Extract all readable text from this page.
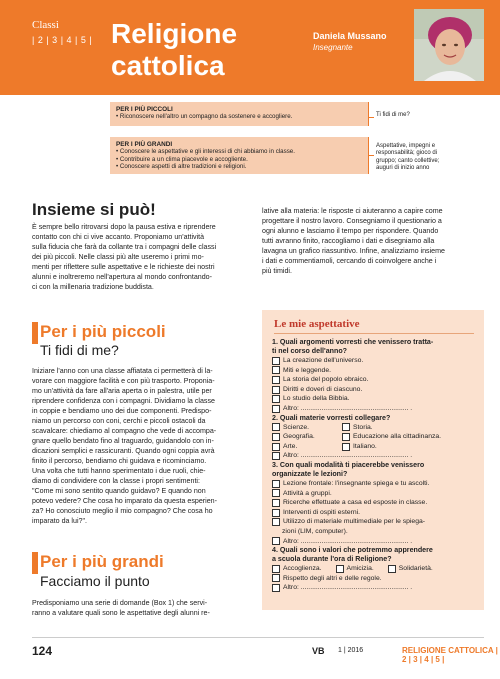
Classi
| 2 | 3 | 4 | 5 | Religione
cattolica
Daniela Mussano
Insegnante
PER I PIÙ PICCOLI
• Riconoscere nell'altro un compagno da sostenere e accogliere.
PER I PIÙ GRANDI
• Conoscere le aspettative e gli interessi di chi abbiamo in classe.
• Contribuire a un clima piacevole e accogliente.
• Conoscere aspetti di altre tradizioni e religioni.
Ti fidi di me?
Aspettative, impegni e
responsabilità; gioco di
gruppo; canto collettive;
auguri di inizio anno
Insieme si può!
È sempre bello ritrovarsi dopo la pausa estiva e riprendere
contatto con chi ci vive accanto. Proponiamo un'attività
sulla fiducia che farà da collante tra i compagni delle classi
dei più piccoli. Nelle classi più alte useremo i primi mo-
menti per riflettere sulle aspettative e le richieste dei nostri
alunni e inoltreremo nell'apertura al mondo confrontando-
ci con la millenaria tradizione buddista.
lative alla materia: le risposte ci aiuteranno a capire come
progettare il nostro lavoro. Consegniamo il questionario a
ogni alunno e lasciamo il tempo per rispondere. Quando
tutti avranno finito, raccogliamo i dati e disegniamo alla
lavagna un grafico riassuntivo. Infine, analizziamo insieme
i dati e commentiamoli, cercando di coinvolgere anche i
più timidi.
Per i più piccoli
Ti fidi di me?
Iniziare l'anno con una classe affiatata ci permetterà di la-
vorare con maggiore facilità e con più trasporto. Proponia-
mo un'attività da fare all'aria aperta o in palestra, utile per
riprendere confidenza con i compagni. Dividiamo la classe
in coppie e bendiamo uno dei due componenti. Predispo-
niamo un percorso con coni, cerchi e piccoli ostacoli da
scavalcare: chiediamo al compagno che vede di accompa-
gnare quello bendato fino al traguardo, guidandolo con in-
dicazioni semplici e rassicuranti. Quando ogni coppia avrà
finito il percorso, bendiamo chi guidava e ricominciamo.
Una volta che tutti hanno sperimentato i due ruoli, chie-
diamo di condividere con la classe i propri sentimenti:
"Come mi sono sentito quando guidavo? E quando non
potevo vedere? Che cosa ho imparato da questa esperien-
za? Ho conosciuto meglio il mio compagno? Che cosa ho
imparato da lui?".
Per i più grandi
Facciamo il punto
Predisponiamo una serie di domande (Box 1) che servi-
ranno a valutare quali sono le aspettative degli alunni re-
Le mie aspettative
1. Quali argomenti vorresti che venissero tratta-
ti nel corso dell'anno?
La creazione dell'universo.
Miti e leggende.
La storia del popolo ebraico.
Diritti e doveri di ciascuno.
Lo studio della Bibbia.
Altro: ......................................................... .
2. Quali materie vorresti collegare?
Scienze.	Storia.
Geografia.	Educazione alla cittadinanza.
Arte.	Italiano.
Altro: ......................................................... .
3. Con quali modalità ti piacerebbe venissero
organizzate le lezioni?
Lezione frontale: l'insegnante spiega e tu ascolti.
Attività a gruppi.
Ricerche effettuate a casa ed esposte in classe.
Interventi di ospiti esterni.
Utilizzo di materiale multimediale per le spiega-
zioni (LIM, computer).
Altro: ......................................................... .
4. Quali sono i valori che potremmo apprendere
a scuola durante l'ora di Religione?
Accoglienza.	Amicizia.	Solidarietà.
Rispetto degli altri e delle regole.
Altro: ......................................................... .
124	VB 1 | 2016	RELIGIONE CATTOLICA | 2 | 3 | 4 | 5 |
